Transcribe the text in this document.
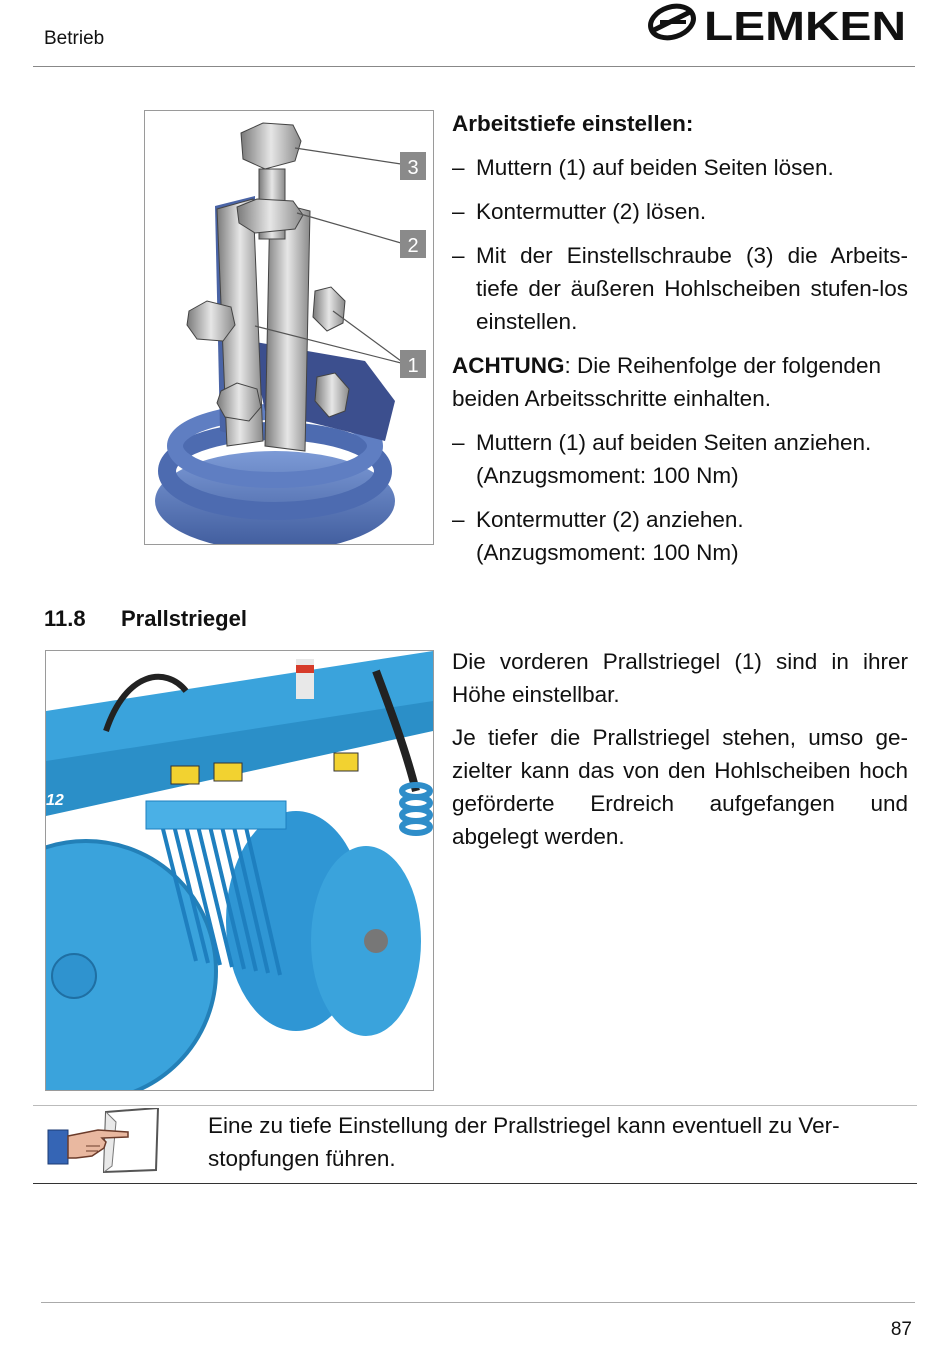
Betrieb	LEMKEN
3
2
1

Arbeitstiefe einstellen:

– Muttern (1) auf beiden Seiten lösen.

– Kontermutter (2) lösen.

– Mit der Einstellschraube (3) die Arbeits-tiefe der äußeren Hohlscheiben stufen-los einstellen.

ACHTUNG: Die Reihenfolge der folgenden beiden Arbeitsschritte einhalten.

– Muttern (1) auf beiden Seiten anziehen.
(Anzugsmoment: 100 Nm)

– Kontermutter (2) anziehen.
(Anzugsmoment: 100 Nm)

11.8 Prallstriegel
12

Die vorderen Prallstriegel (1) sind in ihrer Höhe einstellbar.

Je tiefer die Prallstriegel stehen, umso ge-zielter kann das von den Hohlscheiben hoch geförderte Erdreich aufgefangen und abgelegt werden.

Eine zu tiefe Einstellung der Prallstriegel kann eventuell zu Ver-stopfungen führen.
87
